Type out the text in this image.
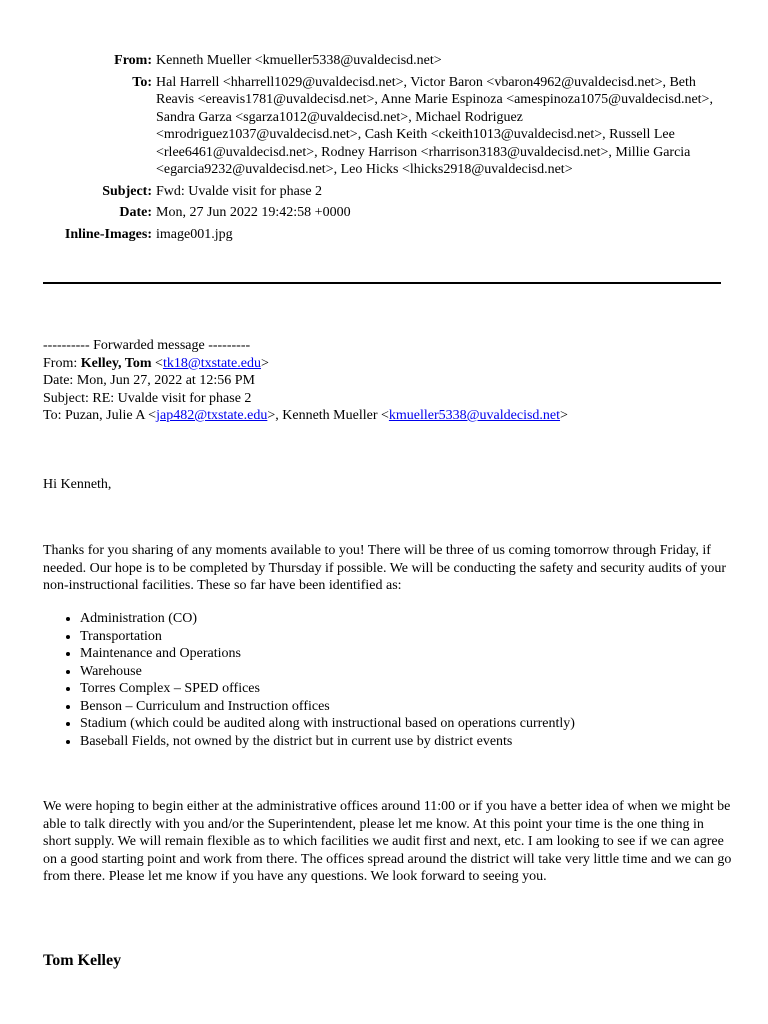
From: Kenneth Mueller <kmueller5338@uvaldecisd.net>
To: Hal Harrell <hharrell1029@uvaldecisd.net>, Victor Baron <vbaron4962@uvaldecisd.net>, Beth Reavis <ereavis1781@uvaldecisd.net>, Anne Marie Espinoza <amespinoza1075@uvaldecisd.net>, Sandra Garza <sgarza1012@uvaldecisd.net>, Michael Rodriguez <mrodriguez1037@uvaldecisd.net>, Cash Keith <ckeith1013@uvaldecisd.net>, Russell Lee <rlee6461@uvaldecisd.net>, Rodney Harrison <rharrison3183@uvaldecisd.net>, Millie Garcia <egarcia9232@uvaldecisd.net>, Leo Hicks <lhicks2918@uvaldecisd.net>
Subject: Fwd: Uvalde visit for phase 2
Date: Mon, 27 Jun 2022 19:42:58 +0000
Inline-Images: image001.jpg
---------- Forwarded message ---------
From: Kelley, Tom <tk18@txstate.edu>
Date: Mon, Jun 27, 2022 at 12:56 PM
Subject: RE: Uvalde visit for phase 2
To: Puzan, Julie A <jap482@txstate.edu>, Kenneth Mueller <kmueller5338@uvaldecisd.net>
Hi Kenneth,
Thanks for you sharing of any moments available to you! There will be three of us coming tomorrow through Friday, if needed. Our hope is to be completed by Thursday if possible. We will be conducting the safety and security audits of your non-instructional facilities. These so far have been identified as:
• Administration (CO)
• Transportation
• Maintenance and Operations
• Warehouse
• Torres Complex – SPED offices
• Benson – Curriculum and Instruction offices
• Stadium (which could be audited along with instructional based on operations currently)
• Baseball Fields, not owned by the district but in current use by district events
We were hoping to begin either at the administrative offices around 11:00 or if you have a better idea of when we might be able to talk directly with you and/or the Superintendent, please let me know. At this point your time is the one thing in short supply. We will remain flexible as to which facilities we audit first and next, etc. I am looking to see if we can agree on a good starting point and work from there. The offices spread around the district will take very little time and we can go from there. Please let me know if you have any questions. We look forward to seeing you.
Tom Kelley
